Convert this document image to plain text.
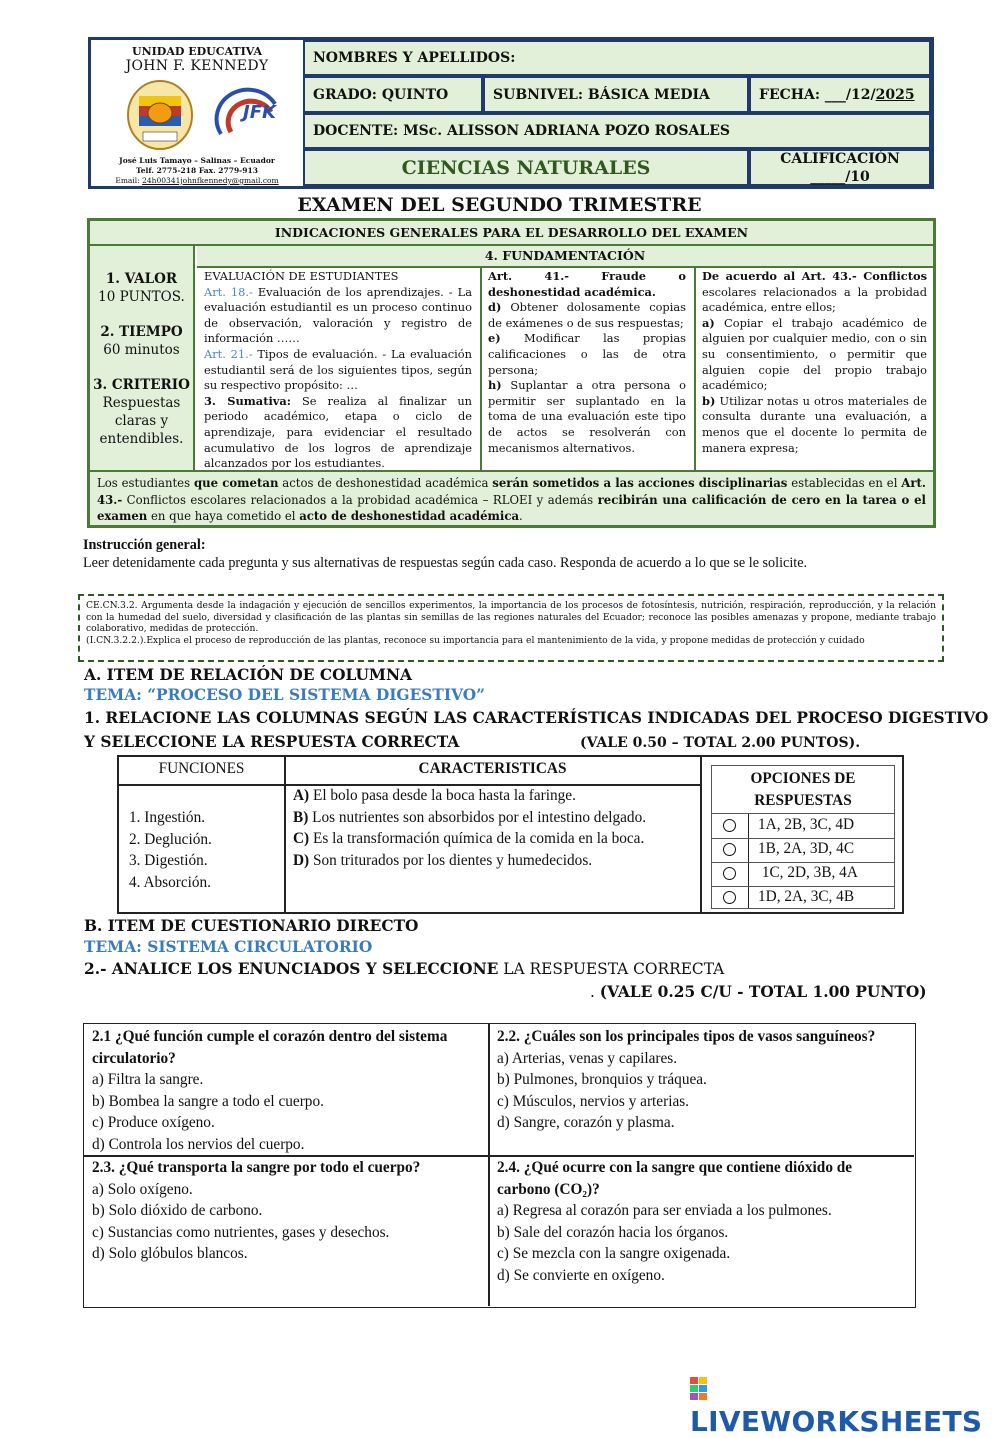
UNIDAD EDUCATIVA
JOHN F. KENNEDY
JFK
José Luis Tamayo – Salinas – Ecuador
Telf. 2775-218 Fax. 2779-913
Email: 24h00341johnfkennedy@gmail.com
NOMBRES Y APELLIDOS:
GRADO: QUINTO	SUBNIVEL: BÁSICA MEDIA	FECHA: ___/12/ 2025
DOCENTE: MSc. ALISSON ADRIANA POZO ROSALES
CIENCIAS NATURALES	CALIFICACIÓN
_____/10
EXAMEN DEL SEGUNDO TRIMESTRE
INDICACIONES GENERALES PARA EL DESARROLLO DEL EXAMEN
1. VALOR
10 PUNTOS.
2. TIEMPO
60 minutos
3. CRITERIO
Respuestas claras y entendibles.
4. FUNDAMENTACIÓN
EVALUACIÓN DE ESTUDIANTES
Art. 18.- Evaluación de los aprendizajes. - La evaluación estudiantil es un proceso continuo de observación, valoración y registro de información ……
Art. 21.- Tipos de evaluación. - La evaluación estudiantil será de los siguientes tipos, según su respectivo propósito: …
3. Sumativa: Se realiza al finalizar un periodo académico, etapa o ciclo de aprendizaje, para evidenciar el resultado acumulativo de los logros de aprendizaje alcanzados por los estudiantes.
Art. 41.- Fraude o deshonestidad académica.
d) Obtener dolosamente copias de exámenes o de sus respuestas;
e) Modificar las propias calificaciones o las de otra persona;
h) Suplantar a otra persona o permitir ser suplantado en la toma de una evaluación este tipo de actos se resolverán con mecanismos alternativos.
De acuerdo al Art. 43.- Conflictos escolares relacionados a la probidad académica, entre ellos;
a) Copiar el trabajo académico de alguien por cualquier medio, con o sin su consentimiento, o permitir que alguien copie del propio trabajo académico;
b) Utilizar notas u otros materiales de consulta durante una evaluación, a menos que el docente lo permita de manera expresa;
Los estudiantes que cometan actos de deshonestidad académica serán sometidos a las acciones disciplinarias establecidas en el Art. 43.- Conflictos escolares relacionados a la probidad académica – RLOEI y además recibirán una calificación de cero en la tarea o el examen en que haya cometido el acto de deshonestidad académica.
Instrucción general:
Leer detenidamente cada pregunta y sus alternativas de respuestas según cada caso. Responda de acuerdo a lo que se le solicite.
CE.CN.3.2. Argumenta desde la indagación y ejecución de sencillos experimentos, la importancia de los procesos de fotosíntesis, nutrición, respiración, reproducción, y la relación con la humedad del suelo, diversidad y clasificación de las plantas sin semillas de las regiones naturales del Ecuador; reconoce las posibles amenazas y propone, mediante trabajo colaborativo, medidas de protección.
(I.CN.3.2.2.).Explica el proceso de reproducción de las plantas, reconoce su importancia para el mantenimiento de la vida, y propone medidas de protección y cuidado
A. ITEM DE RELACIÓN DE COLUMNA
TEMA: “PROCESO DEL SISTEMA DIGESTIVO”
1. RELACIONE LAS COLUMNAS SEGÚN LAS CARACTERÍSTICAS INDICADAS DEL PROCESO DIGESTIVO
Y SELECCIONE LA RESPUESTA CORRECTA	(VALE 0.50 – TOTAL 2.00 PUNTOS).
FUNCIONES	CARACTERISTICAS
1. Ingestión.
2. Deglución.
3. Digestión.
4. Absorción.
A) El bolo pasa desde la boca hasta la faringe.
B) Los nutrientes son absorbidos por el intestino delgado.
C) Es la transformación química de la comida en la boca.
D) Son triturados por los dientes y humedecidos.
OPCIONES DE RESPUESTAS
1A, 2B, 3C, 4D
1B, 2A, 3D, 4C
1C, 2D, 3B, 4A
1D, 2A, 3C, 4B
B. ITEM DE CUESTIONARIO DIRECTO
TEMA: SISTEMA CIRCULATORIO
2.- ANALICE LOS ENUNCIADOS Y SELECCIONE LA RESPUESTA CORRECTA
. (VALE 0.25 C/U - TOTAL 1.00 PUNTO)
2.1 ¿Qué función cumple el corazón dentro del sistema circulatorio?
a) Filtra la sangre.
b) Bombea la sangre a todo el cuerpo.
c) Produce oxígeno.
d) Controla los nervios del cuerpo.
2.2. ¿Cuáles son los principales tipos de vasos sanguíneos?
a) Arterias, venas y capilares.
b) Pulmones, bronquios y tráquea.
c) Músculos, nervios y arterias.
d) Sangre, corazón y plasma.
2.3. ¿Qué transporta la sangre por todo el cuerpo?
a) Solo oxígeno.
b) Solo dióxido de carbono.
c) Sustancias como nutrientes, gases y desechos.
d) Solo glóbulos blancos.
2.4. ¿Qué ocurre con la sangre que contiene dióxido de carbono (CO₂)?
a) Regresa al corazón para ser enviada a los pulmones.
b) Sale del corazón hacia los órganos.
c) Se mezcla con la sangre oxigenada.
d) Se convierte en oxígeno.
LIVEWORKSHEETS
